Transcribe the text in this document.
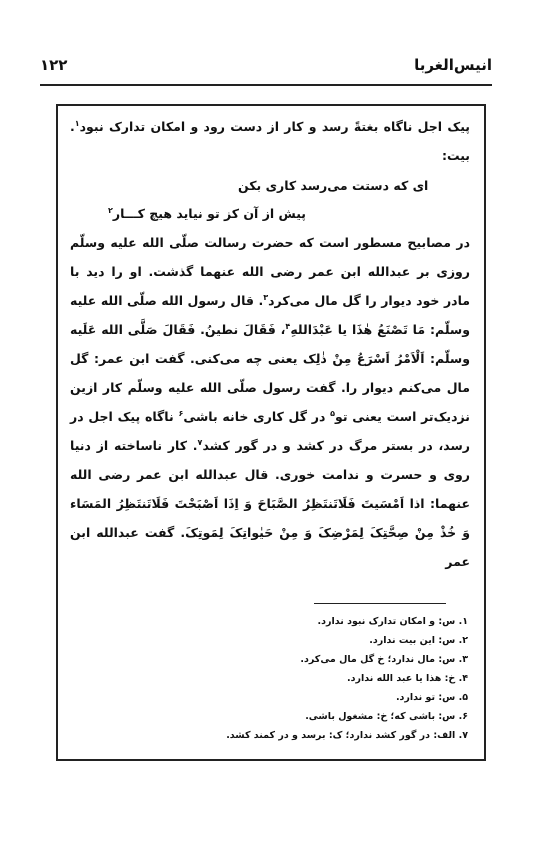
انیس‌الغربا
۱۲۲

پیک اجل ناگاه بغتةً رسد و کار از دست رود و امکان تدارک نبود$^۱$. بیت:

در مصابیح مسطور است که حضرت رسالت صلّی الله علیه وسلّم روزی بر عبدالله ابن عمر رضی الله عنهما گذشت. او را دید با مادر خود دیوار را گل مال می‌کرد$^۳$. قال رسول الله صلّی الله علیه وسلّم: مَا تَصْنَعُ هٰذَا یا عَبْدَاللهِ$^۴$، فَقَالَ نطینُ. فَقَالَ صَلَّی الله عَلَیه وسلّم: اَلْاَمْرُ اَسْرَعُ مِنْ ذٰلِک یعنی چه می‌کنی. گفت ابن عمر: گل مال می‌کنم دیوار را. گفت رسول صلّی الله علیه وسلّم کار ازین نزدیک‌تر است یعنی تو$^۵$ در گل کاری خانه باشی$^۶$ ناگاه پیک اجل در رسد، در بستر مرگ در کشد و در گور کشد$^۷$. کار ناساخته از دنیا روی و حسرت و ندامت خوری. قال عبدالله ابن عمر رضی الله عنهما: اذا اَمْسَیتَ فَلَاتَنتَظِرُ الصَّبَاحَ وَ اِذَا اَصْبَحْتَ فَلَاتَنتَظِرُ المَسَاء وَ خُذْ مِنْ صِحَّتِکَ لِمَرْضِکَ وَ مِنْ حَیٰواتِکَ لِمَوتِکَ. گفت عبدالله ابن عمر

ای که دستت می‌رسد کاری بکن
پیش از آن کز تو نیاید هیچ کـــار$^۲$
۱. س: و امکان تدارک نبود ندارد.
۲. س: این بیت ندارد.
۳. س: مال ندارد؛ خ گل مال می‌کرد.
۴. خ: هذا یا عبد الله ندارد.
۵. س: تو ندارد.
۶. س: باشی که؛ خ: مشغول باشی.
۷. الف: در گور کشد ندارد؛ ک: برسد و در کمند کشد.
